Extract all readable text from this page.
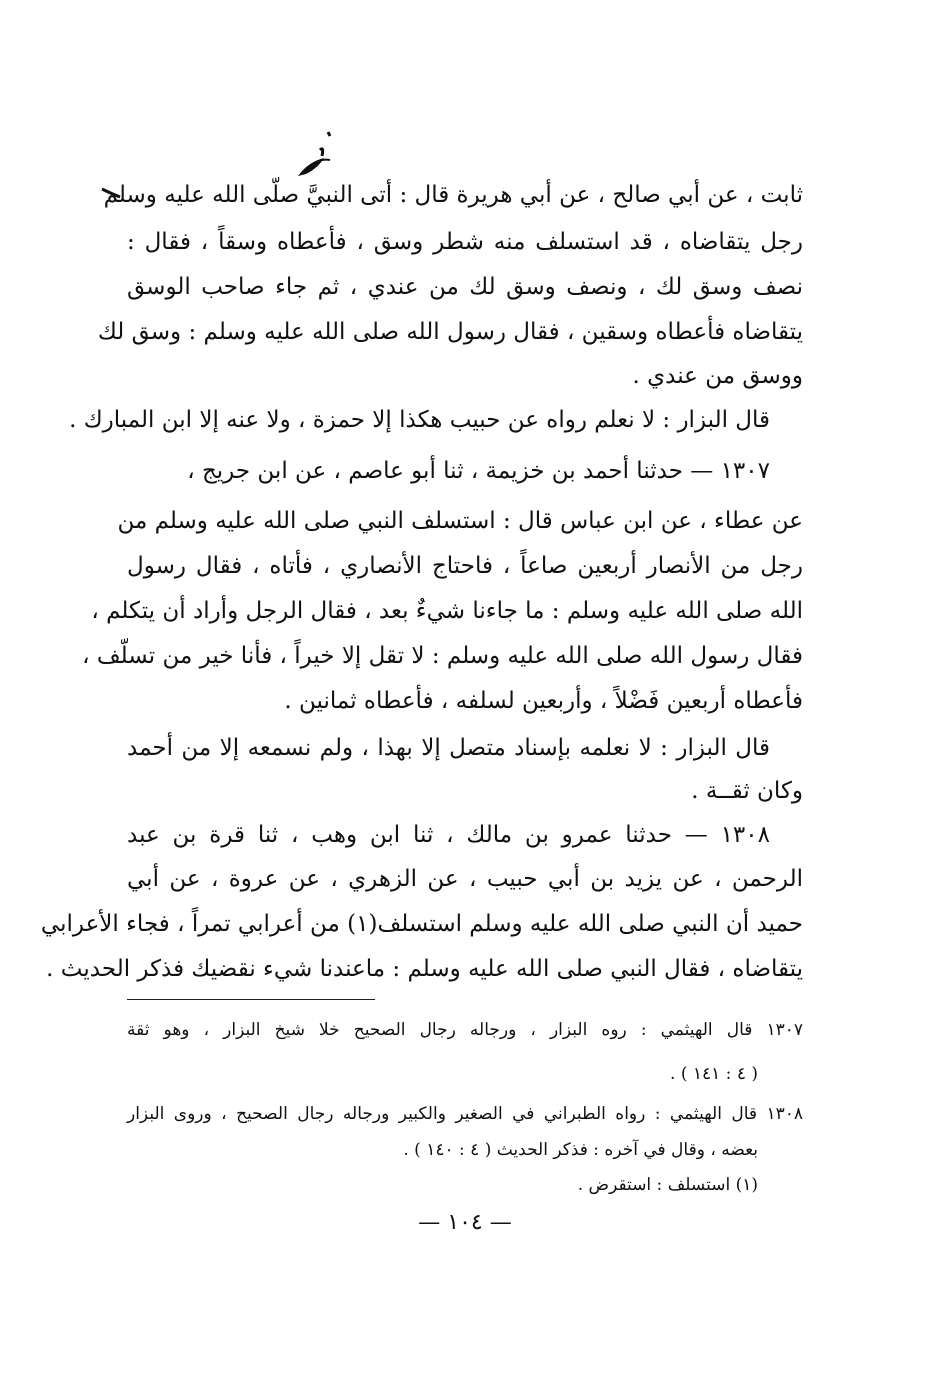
ثابت ، عن أبي صالح ، عن أبي هريرة قال : أتى النبيَّ صلّى الله عليه وسلم
رجل يتقاضاه ، قد استسلف منه شطر وسق ، فأعطاه وسقاً ، فقال :
نصف وسق لك ، ونصف وسق لك من عندي ، ثم جاء صاحب الوسق
يتقاضاه فأعطاه وسقين ، فقال رسول الله صلى الله عليه وسلم : وسق لك
ووسق من عندي .
قال البزار : لا نعلم رواه عن حبيب هكذا إلا حمزة ، ولا عنه إلا ابن المبارك .
١٣٠٧ — حدثنا أحمد بن خزيمة ، ثنا أبو عاصم ، عن ابن جريج ،
عن عطاء ، عن ابن عباس قال : استسلف النبي صلى الله عليه وسلم من
رجل من الأنصار أربعين صاعاً ، فاحتاج الأنصاري ، فأتاه ، فقال رسول
الله صلى الله عليه وسلم : ما جاءنا شيءٌ بعد ، فقال الرجل وأراد أن يتكلم ،
فقال رسول الله صلى الله عليه وسلم : لا تقل إلا خيراً ، فأنا خير من تسلّف ،
فأعطاه أربعين فَضْلاً ، وأربعين لسلفه ، فأعطاه ثمانين .
قال البزار : لا نعلمه بإسناد متصل إلا بهذا ، ولم نسمعه إلا من أحمد
وكان ثقــة .
١٣٠٨ — حدثنا عمرو بن مالك ، ثنا ابن وهب ، ثنا قرة بن عبد
الرحمن ، عن يزيد بن أبي حبيب ، عن الزهري ، عن عروة ، عن أبي
حميد أن النبي صلى الله عليه وسلم استسلف(١) من أعرابي تمراً ، فجاء الأعرابي
يتقاضاه ، فقال النبي صلى الله عليه وسلم : ماعندنا شيء نقضيك فذكر الحديث .
١٣٠٧ قال الهيثمي : روه البزار ، ورجاله رجال الصحيح خلا شيخ البزار ، وهو ثقة
( ٤ : ١٤١ ) .
١٣٠٨ قال الهيثمي : رواه الطبراني في الصغير والكبير ورجاله رجال الصحيح ، وروى البزار
بعضه ، وقال في آخره : فذكر الحديث ( ٤ : ١٤٠ ) .
(١) استسلف : استقرض .
— ١٠٤ —
